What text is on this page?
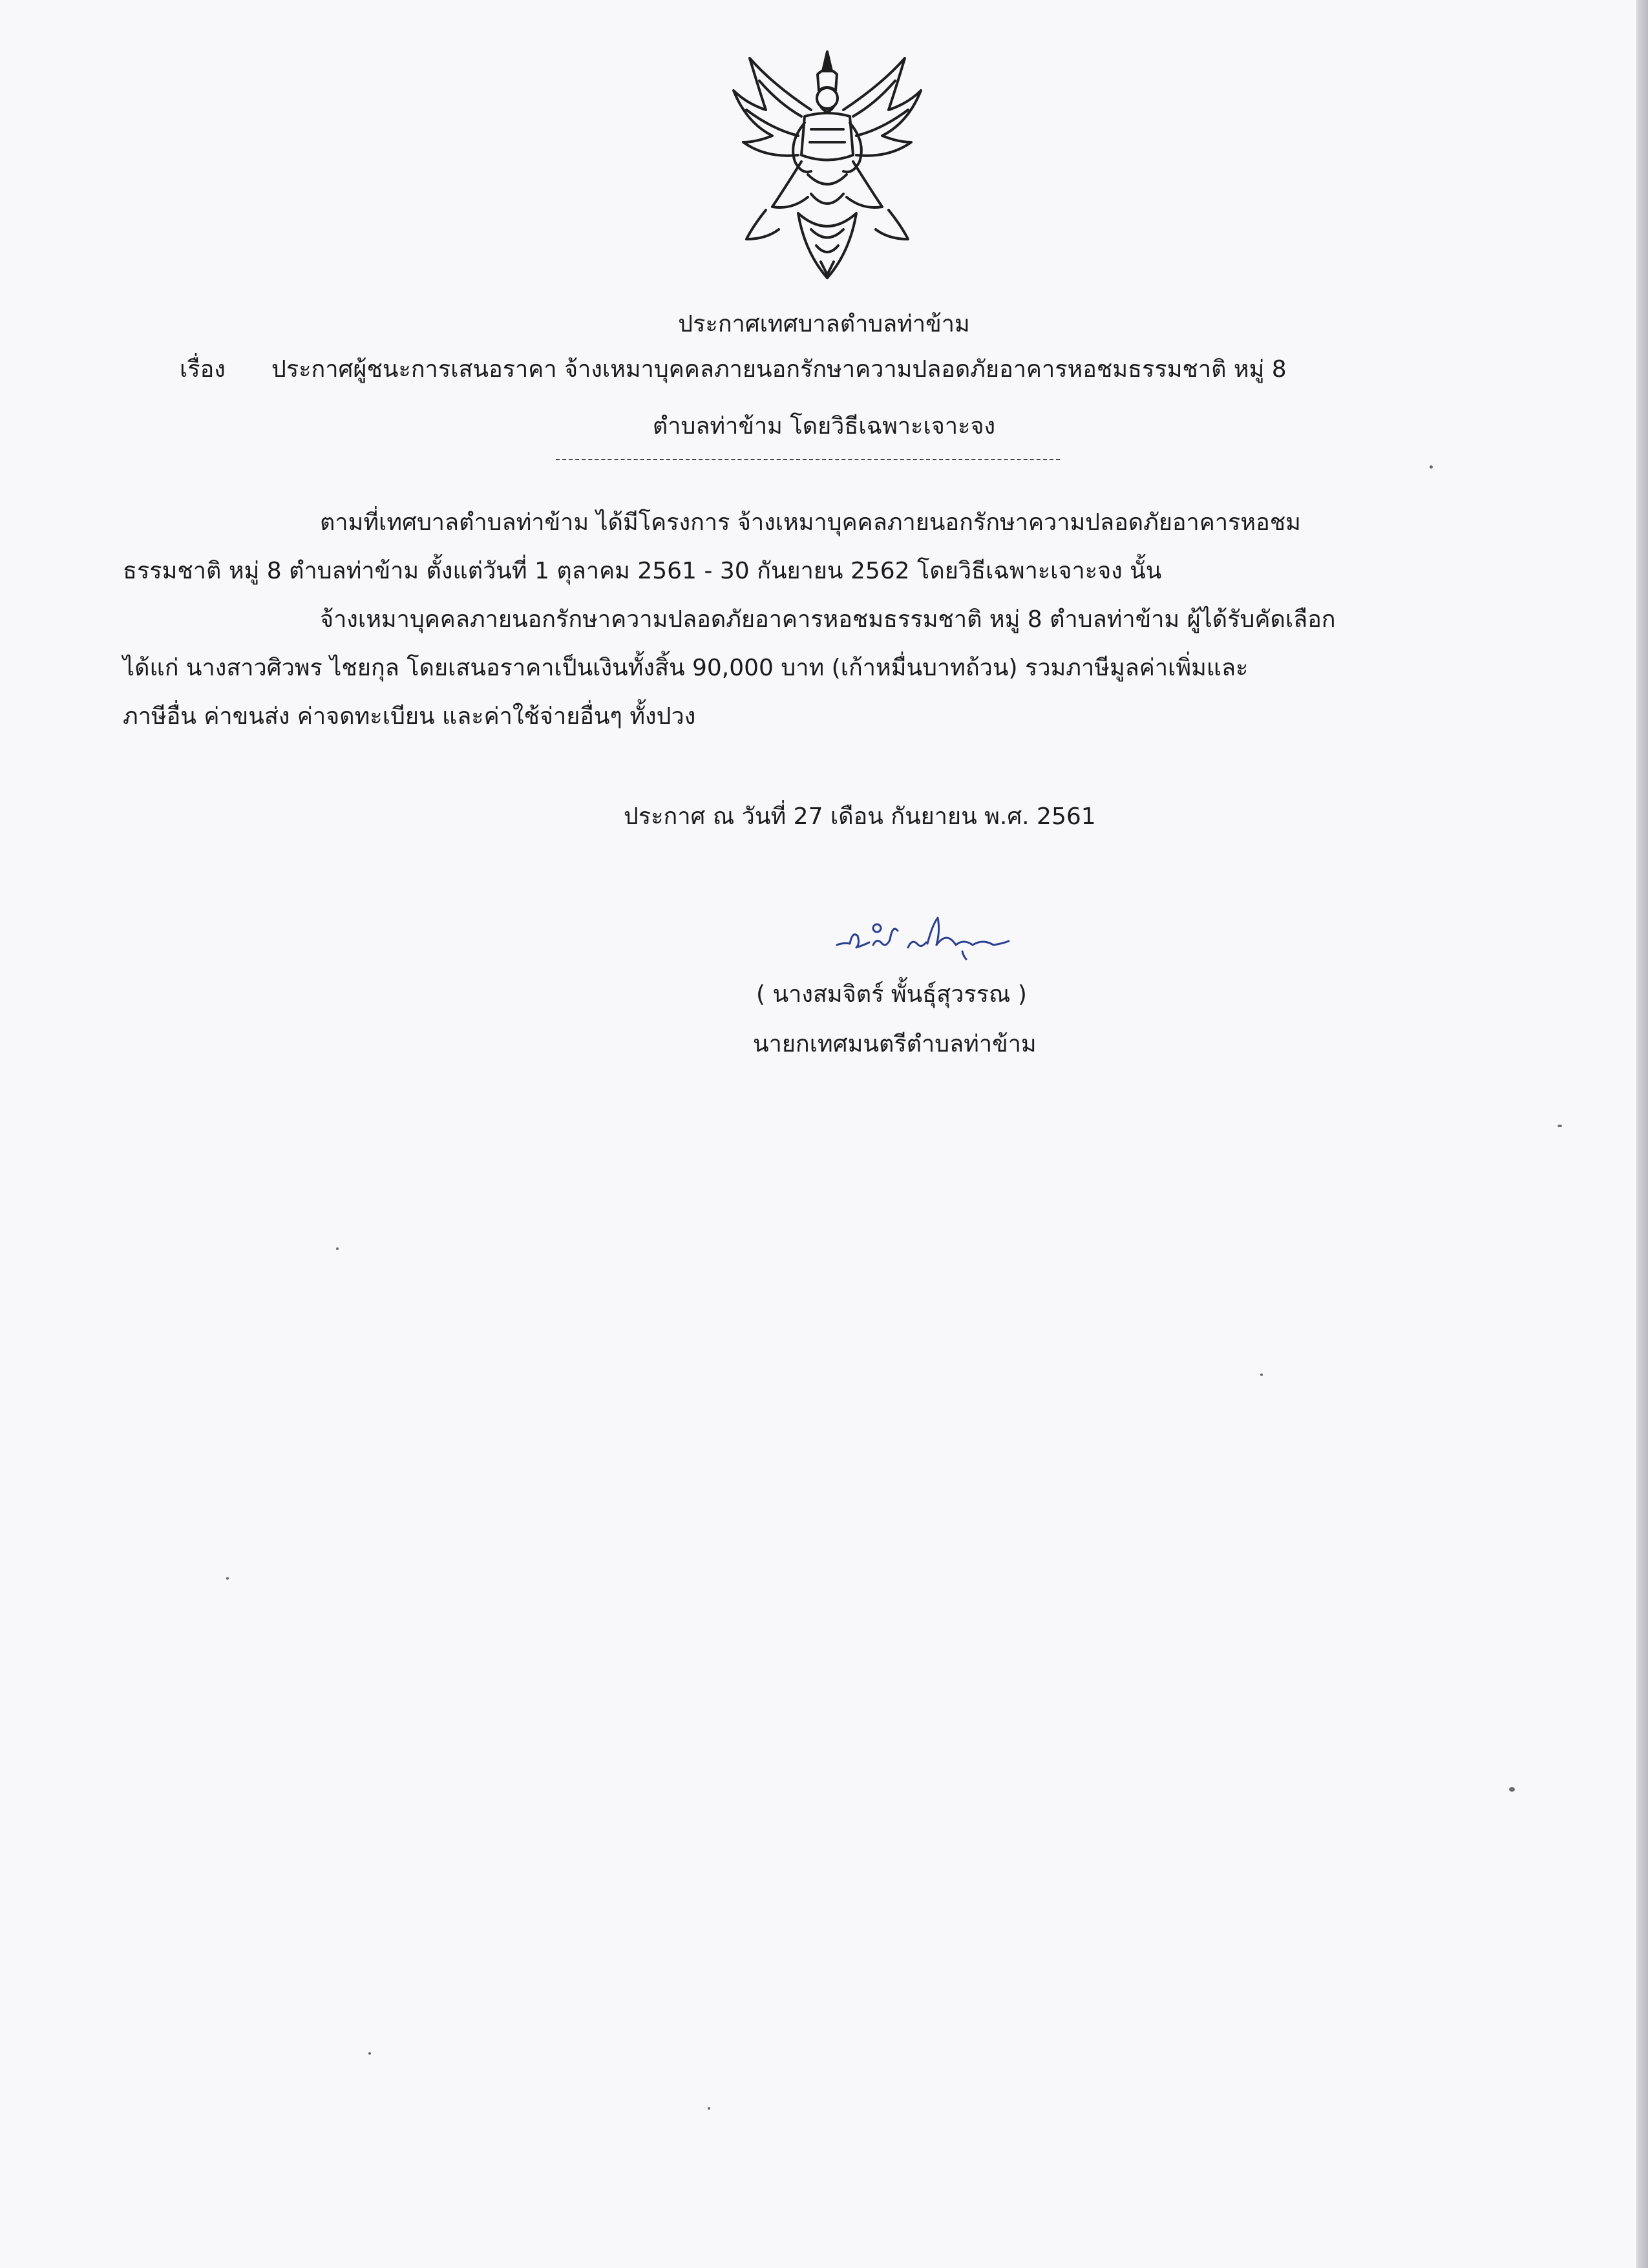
ประกาศเทศบาลตำบลท่าข้าม
เรื่อง ประกาศผู้ชนะการเสนอราคา จ้างเหมาบุคคลภายนอกรักษาความปลอดภัยอาคารหอชมธรรมชาติ หมู่ 8
ตำบลท่าข้าม โดยวิธีเฉพาะเจาะจง
ตามที่เทศบาลตำบลท่าข้าม ได้มีโครงการ จ้างเหมาบุคคลภายนอกรักษาความปลอดภัยอาคารหอชม
ธรรมชาติ หมู่ 8 ตำบลท่าข้าม ตั้งแต่วันที่ 1 ตุลาคม 2561 - 30 กันยายน 2562 โดยวิธีเฉพาะเจาะจง นั้น
จ้างเหมาบุคคลภายนอกรักษาความปลอดภัยอาคารหอชมธรรมชาติ หมู่ 8 ตำบลท่าข้าม ผู้ได้รับคัดเลือก
ได้แก่ นางสาวศิวพร ไชยกุล โดยเสนอราคาเป็นเงินทั้งสิ้น 90,000 บาท (เก้าหมื่นบาทถ้วน) รวมภาษีมูลค่าเพิ่มและ
ภาษีอื่น ค่าขนส่ง ค่าจดทะเบียน และค่าใช้จ่ายอื่นๆ ทั้งปวง
ประกาศ ณ วันที่ 27 เดือน กันยายน พ.ศ. 2561
( นางสมจิตร์ พั้นธุ์สุวรรณ )
นายกเทศมนตรีตำบลท่าข้าม
